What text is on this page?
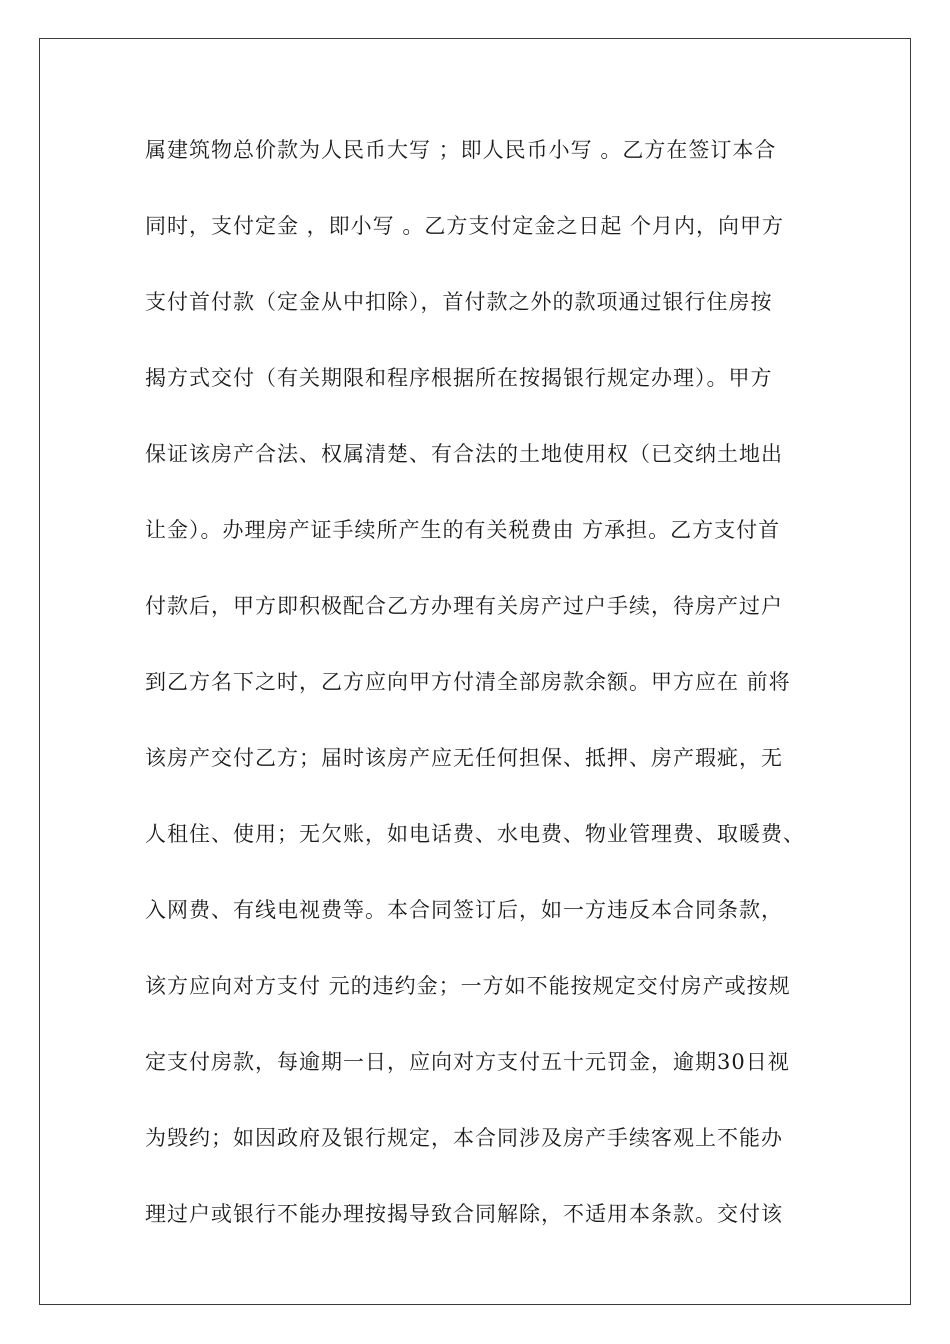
属建筑物总价款为人民币大写 ；即人民币小写 。乙方在签订本合
同时，支付定金 ，即小写 。乙方支付定金之日起 个月内，向甲方
支付首付款（定金从中扣除），首付款之外的款项通过银行住房按
揭方式交付（有关期限和程序根据所在按揭银行规定办理）。甲方
保证该房产合法、权属清楚、有合法的土地使用权（已交纳土地出
让金）。办理房产证手续所产生的有关税费由 方承担。乙方支付首
付款后，甲方即积极配合乙方办理有关房产过户手续，待房产过户
到乙方名下之时，乙方应向甲方付清全部房款余额。甲方应在 前将
该房产交付乙方；届时该房产应无任何担保、抵押、房产瑕疵，无
人租住、使用；无欠账，如电话费、水电费、物业管理费、取暖费、
入网费、有线电视费等。本合同签订后，如一方违反本合同条款，
该方应向对方支付 元的违约金；一方如不能按规定交付房产或按规
定支付房款，每逾期一日，应向对方支付五十元罚金，逾期30日视
为毁约；如因政府及银行规定，本合同涉及房产手续客观上不能办
理过户或银行不能办理按揭导致合同解除，不适用本条款。交付该
